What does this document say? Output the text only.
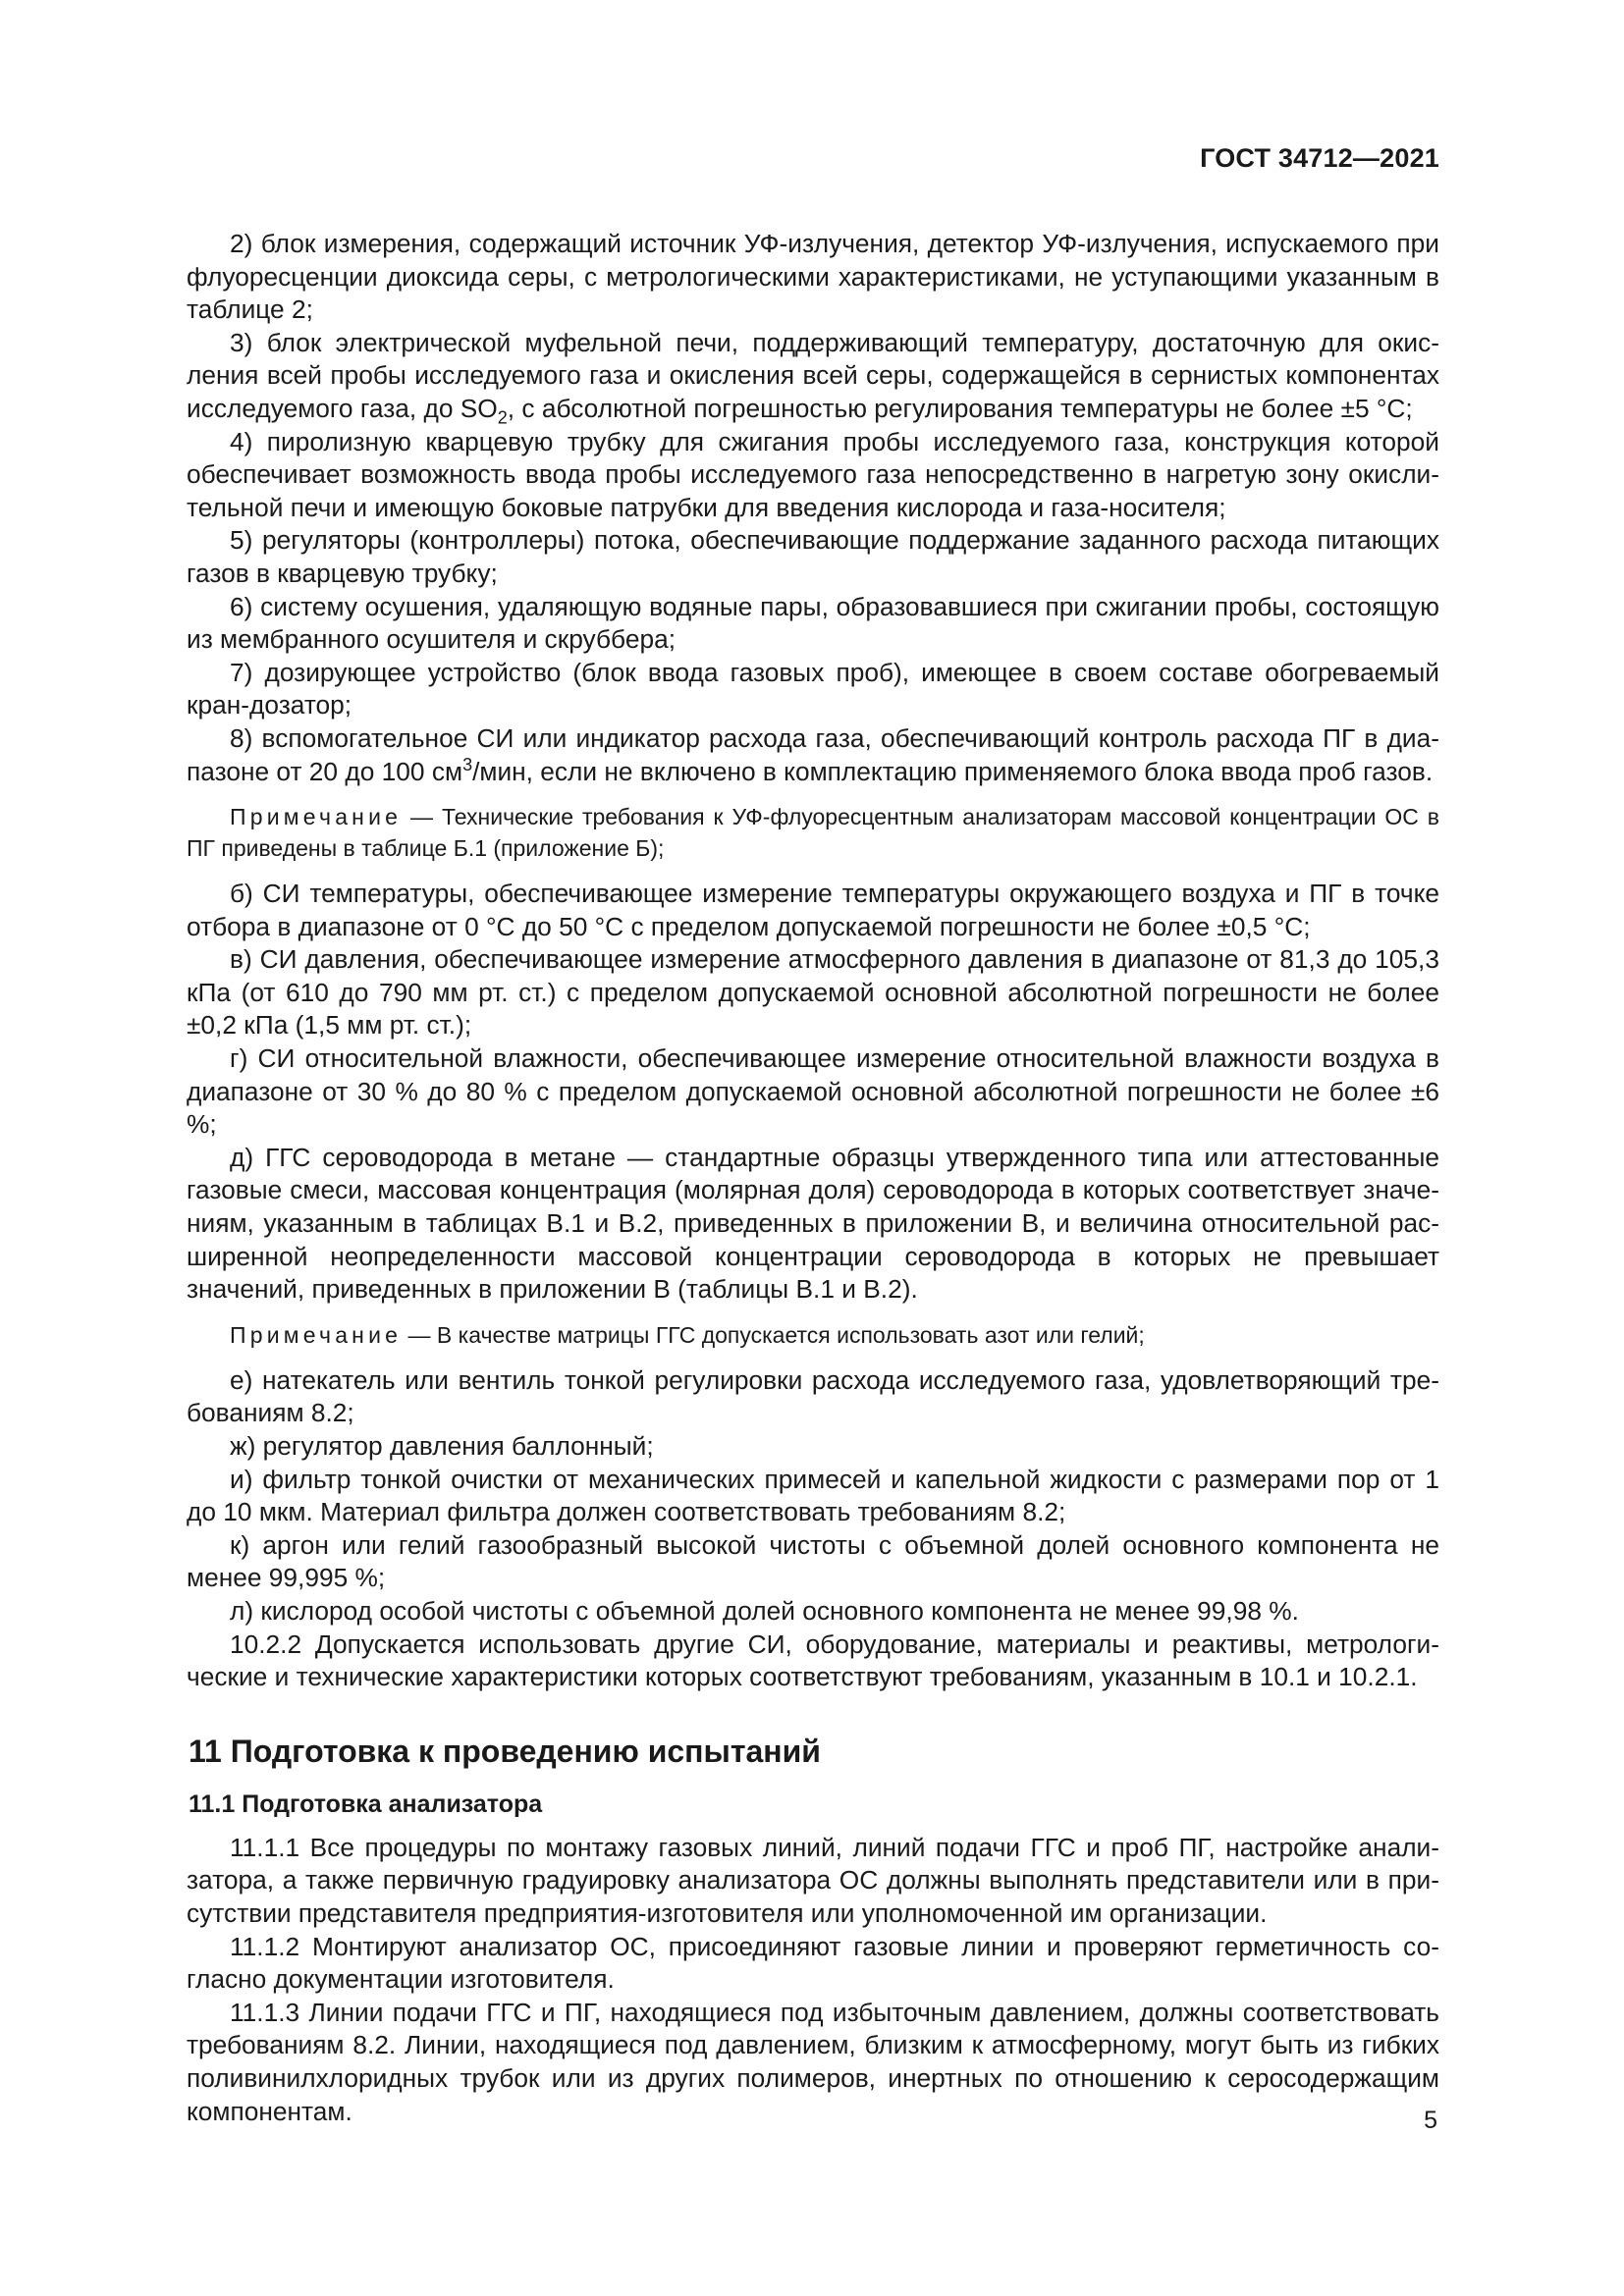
ГОСТ 34712—2021

2) блок измерения, содержащий источник УФ-излучения, детектор УФ-излучения, испускаемого при флуоресценции диоксида серы, с метрологическими характеристиками, не уступающими указанным в таблице 2;

3) блок электрической муфельной печи, поддерживающий температуру, достаточную для окисления всей пробы исследуемого газа и окисления всей серы, содержащейся в сернистых компонентах исследуемого газа, до $SO_2$, с абсолютной погрешностью регулирования температуры не более ±5 °С;

4) пиролизную кварцевую трубку для сжигания пробы исследуемого газа, конструкция которой обеспечивает возможность ввода пробы исследуемого газа непосредственно в нагретую зону окислительной печи и имеющую боковые патрубки для введения кислорода и газа-носителя;

5) регуляторы (контроллеры) потока, обеспечивающие поддержание заданного расхода питающих газов в кварцевую трубку;

6) систему осушения, удаляющую водяные пары, образовавшиеся при сжигании пробы, состоящую из мембранного осушителя и скруббера;

7) дозирующее устройство (блок ввода газовых проб), имеющее в своем составе обогреваемый кран-дозатор;

8) вспомогательное СИ или индикатор расхода газа, обеспечивающий контроль расхода ПГ в диапазоне от 20 до 100 $см^3$/мин, если не включено в комплектацию применяемого блока ввода проб газов.

Примечание — Технические требования к УФ-флуоресцентным анализаторам массовой концентрации ОС в ПГ приведены в таблице Б.1 (приложение Б);

б) СИ температуры, обеспечивающее измерение температуры окружающего воздуха и ПГ в точке отбора в диапазоне от 0 °С до 50 °С с пределом допускаемой погрешности не более ±0,5 °С;

в) СИ давления, обеспечивающее измерение атмосферного давления в диапазоне от 81,3 до 105,3 кПа (от 610 до 790 мм рт. ст.) с пределом допускаемой основной абсолютной погрешности не более ±0,2 кПа (1,5 мм рт. ст.);

г) СИ относительной влажности, обеспечивающее измерение относительной влажности воздуха в диапазоне от 30 % до 80 % с пределом допускаемой основной абсолютной погрешности не более ±6 %;

д) ГГС сероводорода в метане — стандартные образцы утвержденного типа или аттестованные газовые смеси, массовая концентрация (молярная доля) сероводорода в которых соответствует значениям, указанным в таблицах В.1 и В.2, приведенных в приложении В, и величина относительной расширенной неопределенности массовой концентрации сероводорода в которых не превышает значений, приведенных в приложении В (таблицы В.1 и В.2).

Примечание — В качестве матрицы ГГС допускается использовать азот или гелий;

е) натекатель или вентиль тонкой регулировки расхода исследуемого газа, удовлетворяющий требованиям 8.2;

ж) регулятор давления баллонный;

и) фильтр тонкой очистки от механических примесей и капельной жидкости с размерами пор от 1 до 10 мкм. Материал фильтра должен соответствовать требованиям 8.2;

к) аргон или гелий газообразный высокой чистоты с объемной долей основного компонента не менее 99,995 %;

л) кислород особой чистоты с объемной долей основного компонента не менее 99,98 %.

10.2.2 Допускается использовать другие СИ, оборудование, материалы и реактивы, метрологические и технические характеристики которых соответствуют требованиям, указанным в 10.1 и 10.2.1.

11 Подготовка к проведению испытаний
11.1 Подготовка анализатора

11.1.1 Все процедуры по монтажу газовых линий, линий подачи ГГС и проб ПГ, настройке анализатора, а также первичную градуировку анализатора ОС должны выполнять представители или в присутствии представителя предприятия-изготовителя или уполномоченной им организации.

11.1.2 Монтируют анализатор ОС, присоединяют газовые линии и проверяют герметичность согласно документации изготовителя.

11.1.3 Линии подачи ГГС и ПГ, находящиеся под избыточным давлением, должны соответствовать требованиям 8.2. Линии, находящиеся под давлением, близким к атмосферному, могут быть из гибких поливинилхлоридных трубок или из других полимеров, инертных по отношению к серосодержащим компонентам.	5
